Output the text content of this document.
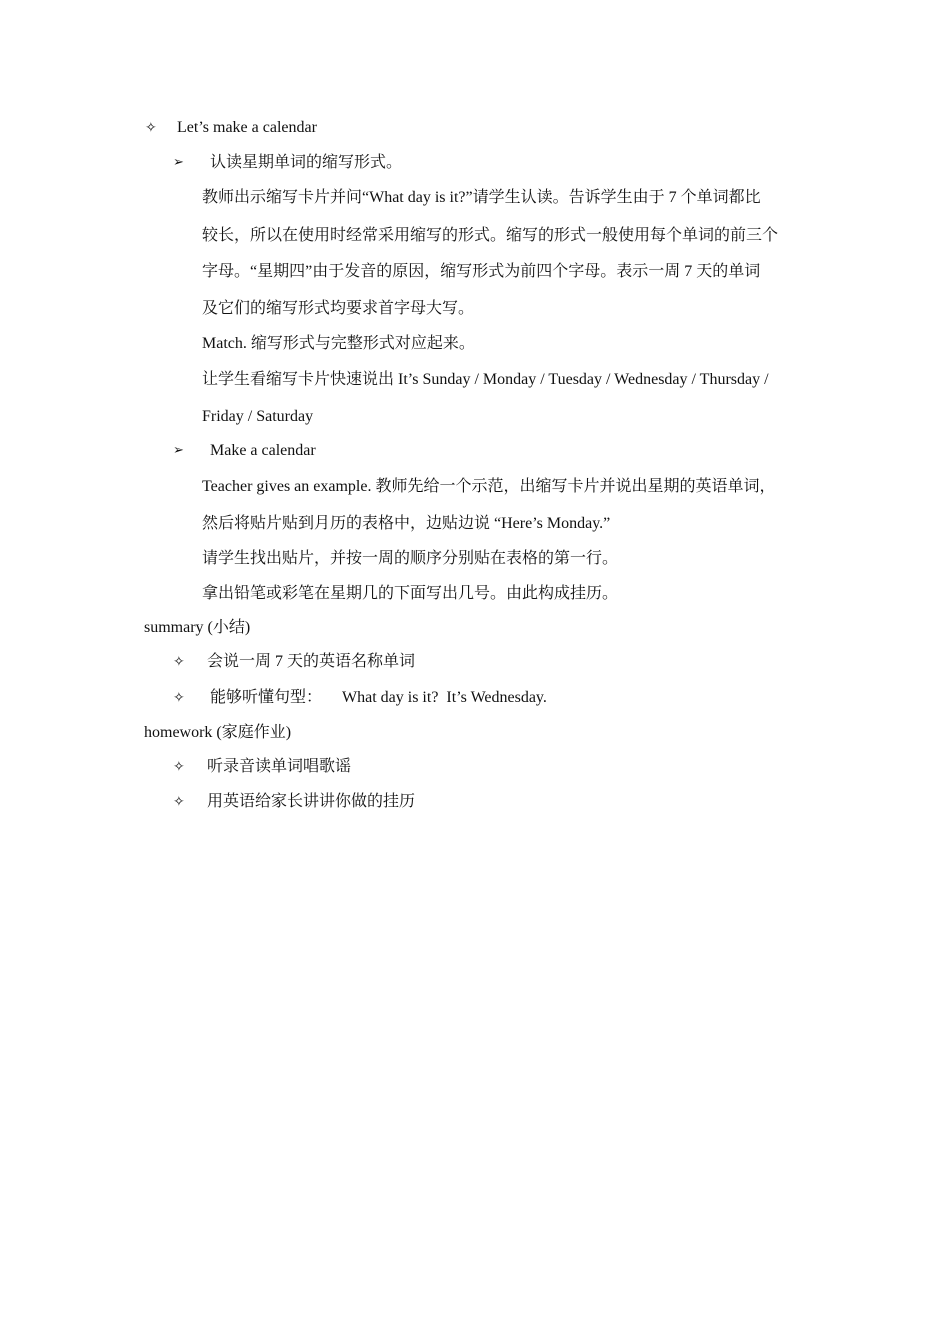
✧ Let’s make a calendar
➢ 认读星期单词的缩写形式。
教师出示缩写卡片并问“What day is it?”请学生认读。告诉学生由于 7 个单词都比
较长，所以在使用时经常采用缩写的形式。缩写的形式一般使用每个单词的前三个
字母。“星期四”由于发音的原因，缩写形式为前四个字母。表示一周 7 天的单词
及它们的缩写形式均要求首字母大写。
Match. 缩写形式与完整形式对应起来。
让学生看缩写卡片快速说出 It’s Sunday / Monday / Tuesday / Wednesday / Thursday /
Friday / Saturday
➢ Make a calendar
Teacher gives an example. 教师先给一个示范，出缩写卡片并说出星期的英语单词，
然后将贴片贴到月历的表格中，边贴边说 “Here’s Monday.”
请学生找出贴片，并按一周的顺序分别贴在表格的第一行。
拿出铅笔或彩笔在星期几的下面写出几号。由此构成挂历。
summary (小结)
✧ 会说一周 7 天的英语名称单词
✧ 能够听懂句型：     What day is it?  It’s Wednesday.
homework (家庭作业)
✧ 听录音读单词唱歌谣
✧ 用英语给家长讲讲你做的挂历
